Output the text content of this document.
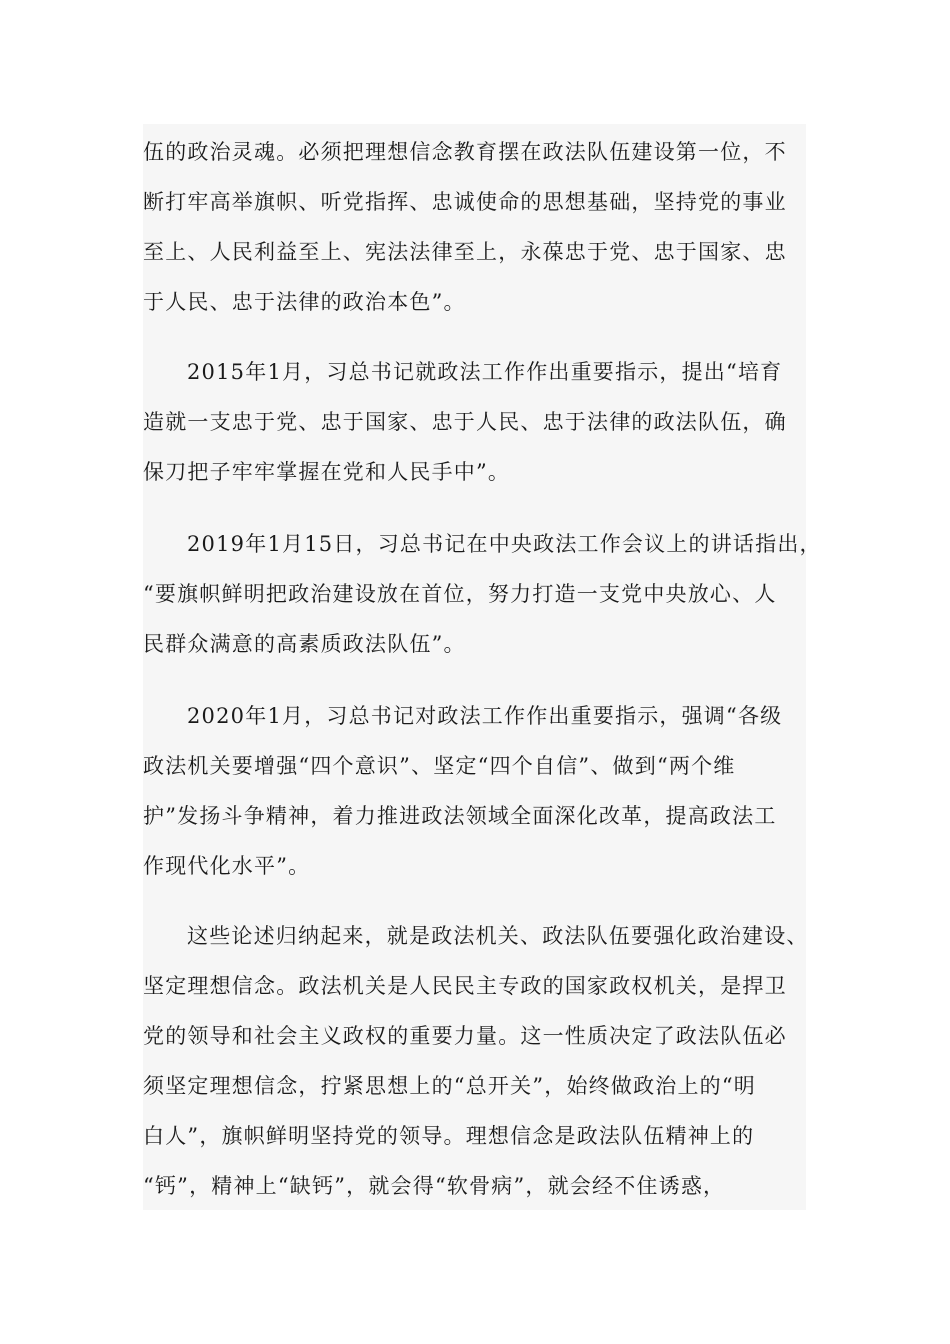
伍的政治灵魂。必须把理想信念教育摆在政法队伍建设第一位，不
断打牢高举旗帜、听党指挥、忠诚使命的思想基础，坚持党的事业
至上、人民利益至上、宪法法律至上，永葆忠于党、忠于国家、忠
于人民、忠于法律的政治本色”。

2015年1月，习总书记就政法工作作出重要指示，提出“培育
造就一支忠于党、忠于国家、忠于人民、忠于法律的政法队伍，确
保刀把子牢牢掌握在党和人民手中”。

2019年1月15日，习总书记在中央政法工作会议上的讲话指出，
“要旗帜鲜明把政治建设放在首位，努力打造一支党中央放心、人
民群众满意的高素质政法队伍”。

2020年1月，习总书记对政法工作作出重要指示，强调“各级
政法机关要增强“四个意识”、坚定“四个自信”、做到“两个维
护”发扬斗争精神，着力推进政法领域全面深化改革，提高政法工
作现代化水平”。

这些论述归纳起来，就是政法机关、政法队伍要强化政治建设、
坚定理想信念。政法机关是人民民主专政的国家政权机关，是捍卫
党的领导和社会主义政权的重要力量。这一性质决定了政法队伍必
须坚定理想信念，拧紧思想上的“总开关”，始终做政治上的“明
白人”，旗帜鲜明坚持党的领导。理想信念是政法队伍精神上的
“钙”，精神上“缺钙”，就会得“软骨病”，就会经不住诱惑，
